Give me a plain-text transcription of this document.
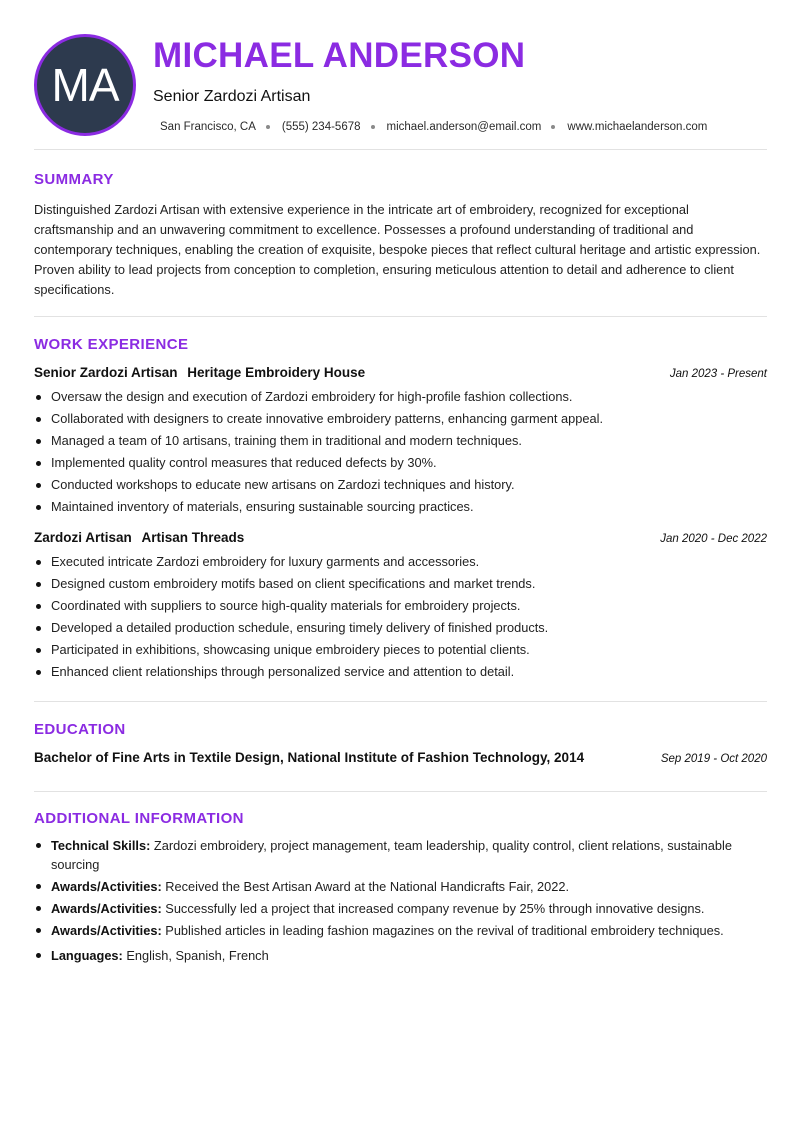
MA
MICHAEL ANDERSON
Senior Zardozi Artisan
San Francisco, CA (555) 234-5678 michael.anderson@email.com www.michaelanderson.com
SUMMARY

Distinguished Zardozi Artisan with extensive experience in the intricate art of embroidery, recognized for exceptional craftsmanship and an unwavering commitment to excellence. Possesses a profound understanding of traditional and contemporary techniques, enabling the creation of exquisite, bespoke pieces that reflect cultural heritage and artistic expression. Proven ability to lead projects from conception to completion, ensuring meticulous attention to detail and adherence to client specifications.

WORK EXPERIENCE
Senior Zardozi Artisan Heritage Embroidery House	Jan 2023 - Present
Oversaw the design and execution of Zardozi embroidery for high-profile fashion collections.
Collaborated with designers to create innovative embroidery patterns, enhancing garment appeal.
Managed a team of 10 artisans, training them in traditional and modern techniques.
Implemented quality control measures that reduced defects by 30%.
Conducted workshops to educate new artisans on Zardozi techniques and history.
Maintained inventory of materials, ensuring sustainable sourcing practices.
Zardozi Artisan Artisan Threads	Jan 2020 - Dec 2022
Executed intricate Zardozi embroidery for luxury garments and accessories.
Designed custom embroidery motifs based on client specifications and market trends.
Coordinated with suppliers to source high-quality materials for embroidery projects.
Developed a detailed production schedule, ensuring timely delivery of finished products.
Participated in exhibitions, showcasing unique embroidery pieces to potential clients.
Enhanced client relationships through personalized service and attention to detail.
EDUCATION
Bachelor of Fine Arts in Textile Design, National Institute of Fashion Technology, 2014	Sep 2019 - Oct 2020
ADDITIONAL INFORMATION
Technical Skills: Zardozi embroidery, project management, team leadership, quality control, client relations, sustainable sourcing
Awards/Activities: Received the Best Artisan Award at the National Handicrafts Fair, 2022.
Awards/Activities: Successfully led a project that increased company revenue by 25% through innovative designs.
Awards/Activities: Published articles in leading fashion magazines on the revival of traditional embroidery techniques.
Languages: English , Spanish , French
